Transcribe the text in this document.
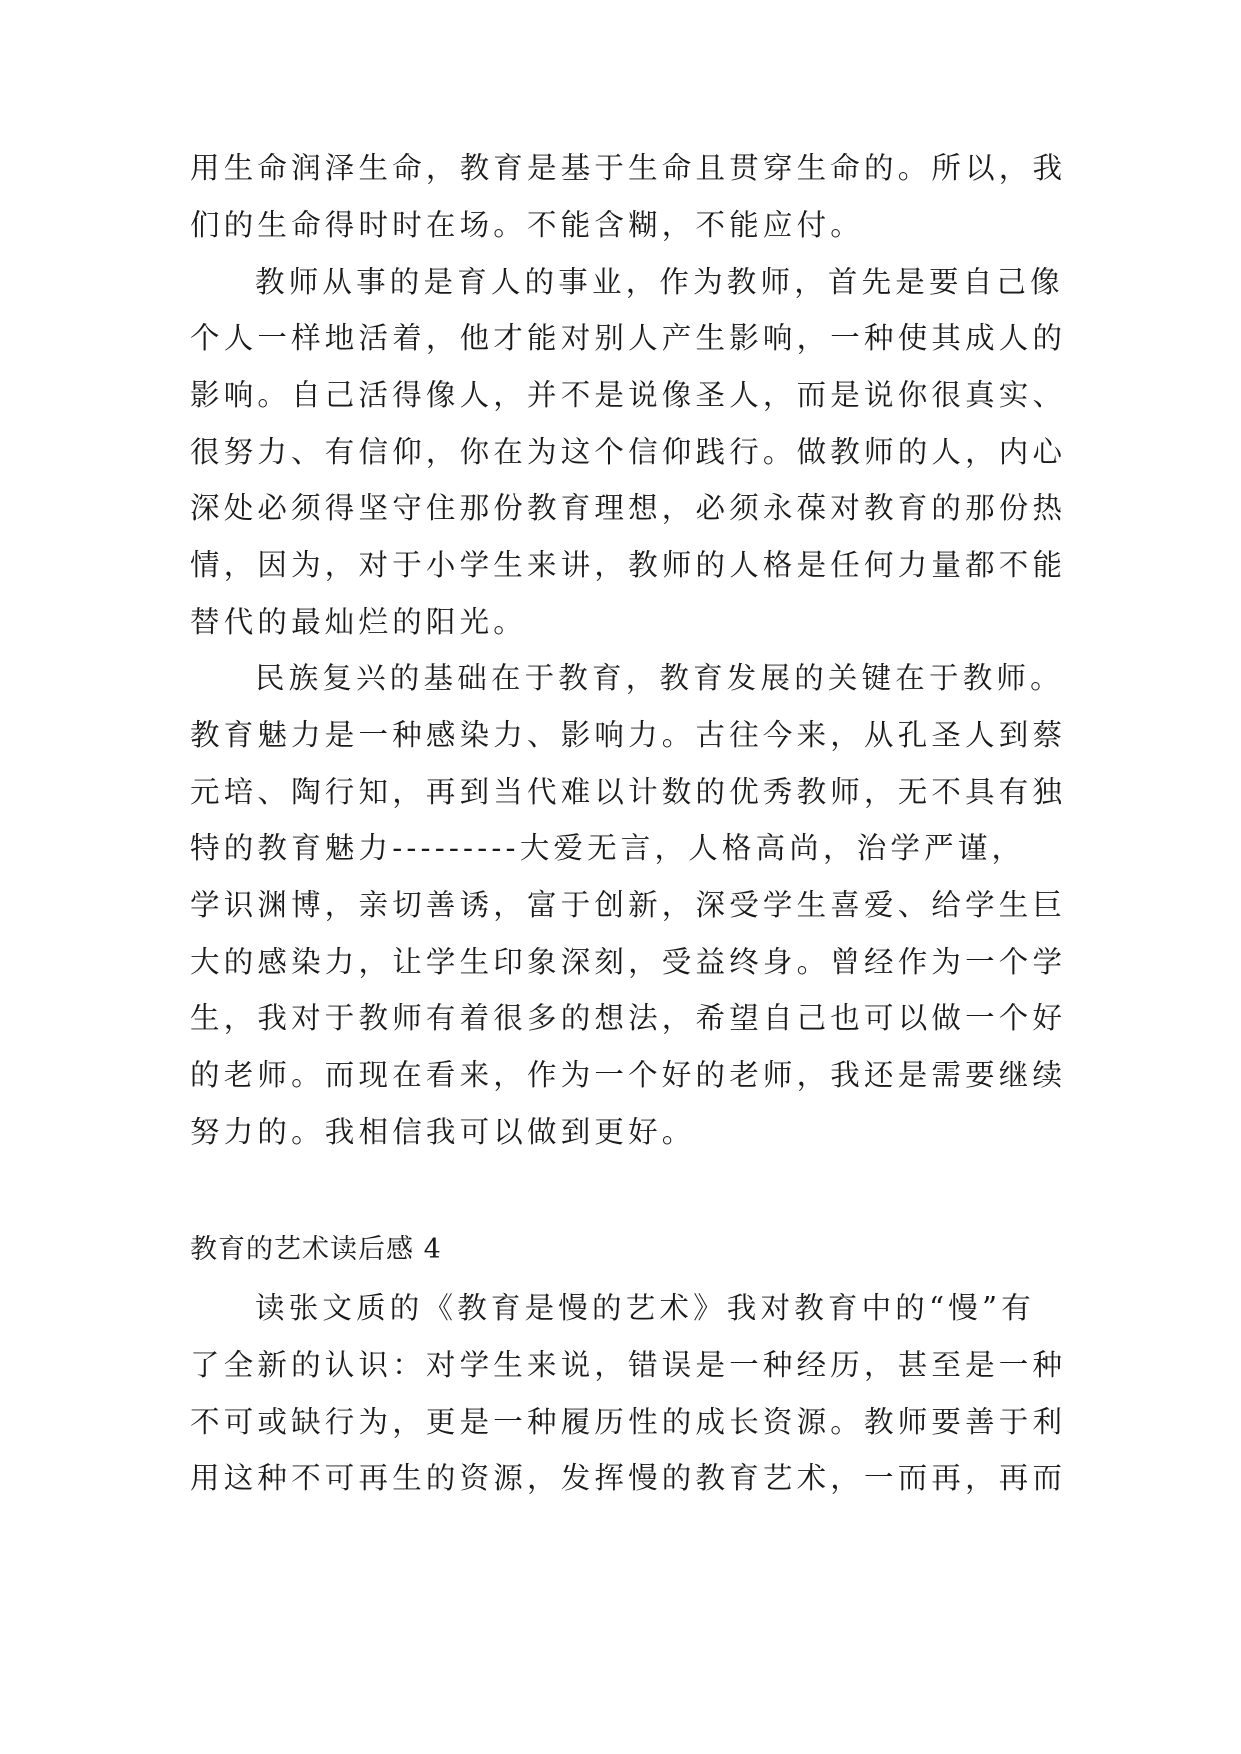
用生命润泽生命，教育是基于生命且贯穿生命的。所以，我
们的生命得时时在场。不能含糊，不能应付。
教师从事的是育人的事业，作为教师，首先是要自己像
个人一样地活着，他才能对别人产生影响，一种使其成人的
影响。自己活得像人，并不是说像圣人，而是说你很真实、
很努力、有信仰，你在为这个信仰践行。做教师的人，内心
深处必须得坚守住那份教育理想，必须永葆对教育的那份热
情，因为，对于小学生来讲，教师的人格是任何力量都不能
替代的最灿烂的阳光。
民族复兴的基础在于教育，教育发展的关键在于教师。
教育魅力是一种感染力、影响力。古往今来，从孔圣人到蔡
元培、陶行知，再到当代难以计数的优秀教师，无不具有独
特的教育魅力---------大爱无言，人格高尚，治学严谨，
学识渊博，亲切善诱，富于创新，深受学生喜爱、给学生巨
大的感染力，让学生印象深刻，受益终身。曾经作为一个学
生，我对于教师有着很多的想法，希望自己也可以做一个好
的老师。而现在看来，作为一个好的老师，我还是需要继续
努力的。我相信我可以做到更好。
教育的艺术读后感 4
读张文质的《教育是慢的艺术》我对教育中的“慢”有
了全新的认识：对学生来说，错误是一种经历，甚至是一种
不可或缺行为，更是一种履历性的成长资源。教师要善于利
用这种不可再生的资源，发挥慢的教育艺术，一而再，再而
